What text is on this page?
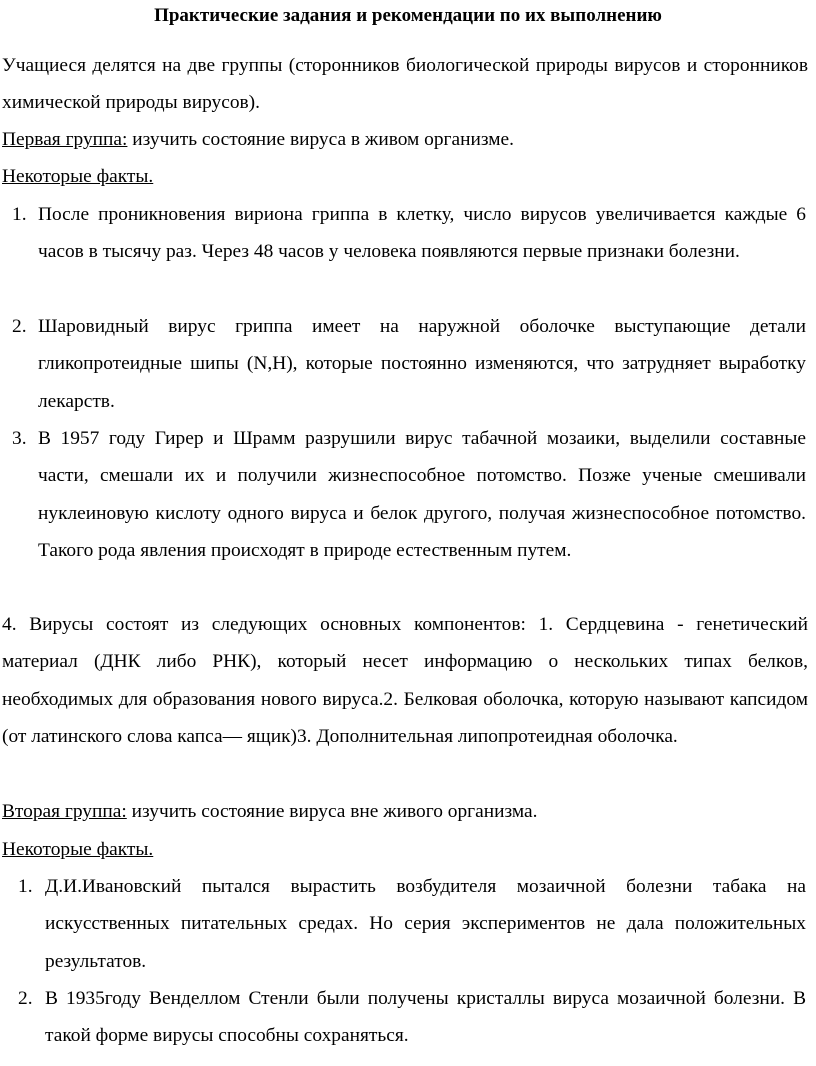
Практические задания и рекомендации по их выполнению
Учащиеся делятся на две группы (сторонников биологической природы вирусов и сторонников химической природы вирусов).
Первая группа: изучить состояние вируса в живом организме.
Некоторые факты.
1. После проникновения вириона гриппа в клетку, число вирусов увеличивается каждые 6 часов в тысячу раз. Через 48 часов у человека появляются первые признаки болезни.
2. Шаровидный вирус гриппа имеет на наружной оболочке выступающие детали гликопротеидные шипы (N,H), которые постоянно изменяются, что затрудняет выработку лекарств.
3. В 1957 году Гирер и Шрамм разрушили вирус табачной мозаики, выделили составные части, смешали их и получили жизнеспособное потомство. Позже ученые смешивали нуклеиновую кислоту одного вируса и белок другого, получая жизнеспособное потомство. Такого рода явления происходят в природе естественным путем.
4. Вирусы состоят из следующих основных компонентов: 1. Сердцевина - генетический материал (ДНК либо РНК), который несет информацию о нескольких типах белков, необходимых для образования нового вируса.2. Белковая оболочка, которую называют капсидом (от латинского слова капса— ящик)3. Дополнительная липопротеидная оболочка.
Вторая группа: изучить состояние вируса вне живого организма.
Некоторые факты.
1. Д.И.Ивановский пытался вырастить возбудителя мозаичной болезни табака на искусственных питательных средах. Но серия экспериментов не дала положительных результатов.
2. В 1935году Венделлом Стенли были получены кристаллы вируса мозаичной болезни. В такой форме вирусы способны сохраняться.
